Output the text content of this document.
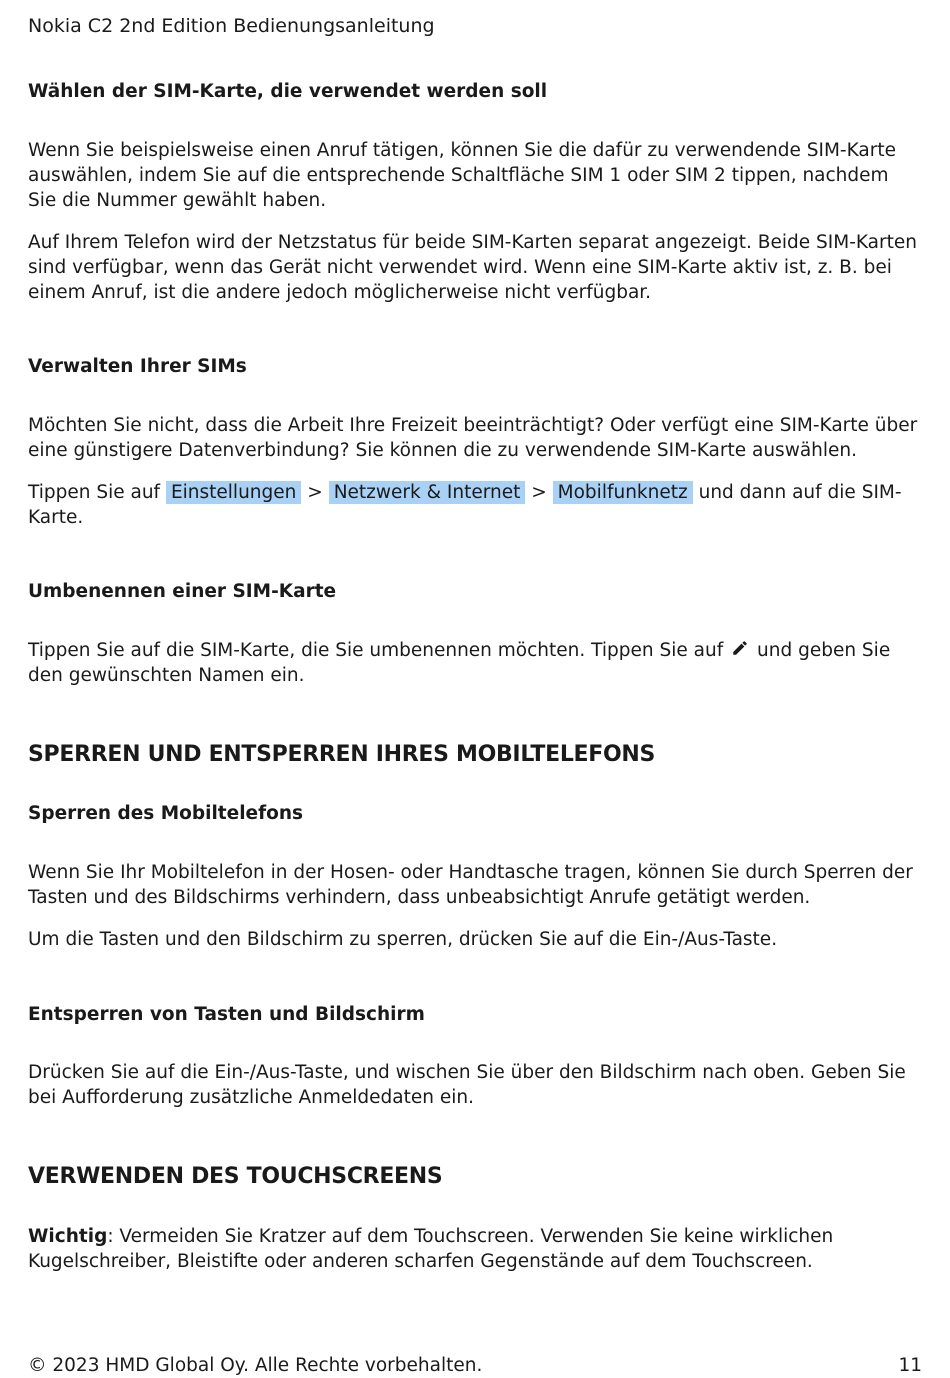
Nokia C2 2nd Edition Bedienungsanleitung
Wählen der SIM-Karte, die verwendet werden soll

Wenn Sie beispielsweise einen Anruf tätigen, können Sie die dafür zu verwendende SIM-Karte auswählen, indem Sie auf die entsprechende Schaltfläche SIM 1 oder SIM 2 tippen, nachdem Sie die Nummer gewählt haben.

Auf Ihrem Telefon wird der Netzstatus für beide SIM-Karten separat angezeigt. Beide SIM-Karten sind verfügbar, wenn das Gerät nicht verwendet wird. Wenn eine SIM-Karte aktiv ist, z. B. bei einem Anruf, ist die andere jedoch möglicherweise nicht verfügbar.

Verwalten Ihrer SIMs

Möchten Sie nicht, dass die Arbeit Ihre Freizeit beeinträchtigt? Oder verfügt eine SIM-Karte über eine günstigere Datenverbindung? Sie können die zu verwendende SIM-Karte auswählen.

Tippen Sie auf Einstellungen > Netzwerk & Internet > Mobilfunknetz und dann auf die SIM-Karte.

Umbenennen einer SIM-Karte

Tippen Sie auf die SIM-Karte, die Sie umbenennen möchten. Tippen Sie auf und geben Sie den gewünschten Namen ein.

SPERREN UND ENTSPERREN IHRES MOBILTELEFONS
Sperren des Mobiltelefons

Wenn Sie Ihr Mobiltelefon in der Hosen- oder Handtasche tragen, können Sie durch Sperren der Tasten und des Bildschirms verhindern, dass unbeabsichtigt Anrufe getätigt werden.

Um die Tasten und den Bildschirm zu sperren, drücken Sie auf die Ein-/Aus-Taste.

Entsperren von Tasten und Bildschirm

Drücken Sie auf die Ein-/Aus-Taste, und wischen Sie über den Bildschirm nach oben. Geben Sie bei Aufforderung zusätzliche Anmeldedaten ein.

VERWENDEN DES TOUCHSCREENS

Wichtig: Vermeiden Sie Kratzer auf dem Touchscreen. Verwenden Sie keine wirklichen Kugelschreiber, Bleistifte oder anderen scharfen Gegenstände auf dem Touchscreen.

© 2023 HMD Global Oy. Alle Rechte vorbehalten.	11
